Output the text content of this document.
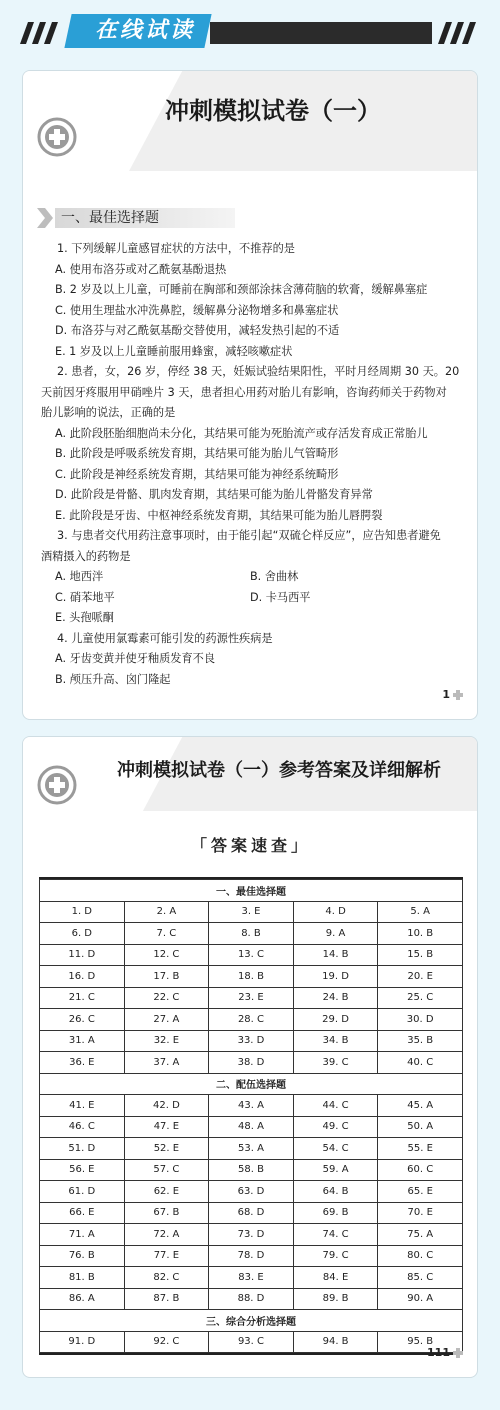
在线试读
冲刺模拟试卷（一）
一、最佳选择题
1. 下列缓解儿童感冒症状的方法中，不推荐的是
A. 使用布洛芬或对乙酰氨基酚退热
B. 2 岁及以上儿童，可睡前在胸部和颈部涂抹含薄荷脑的软膏，缓解鼻塞症
C. 使用生理盐水冲洗鼻腔，缓解鼻分泌物增多和鼻塞症状
D. 布洛芬与对乙酰氨基酚交替使用，减轻发热引起的不适
E. 1 岁及以上儿童睡前服用蜂蜜，减轻咳嗽症状
2. 患者，女，26 岁，停经 38 天，妊娠试验结果阳性，平时月经周期 30 天。20
天前因牙疼服用甲硝唑片 3 天，患者担心用药对胎儿有影响，咨询药师关于药物对
胎儿影响的说法，正确的是
A. 此阶段胚胎细胞尚未分化，其结果可能为死胎流产或存活发育成正常胎儿
B. 此阶段是呼吸系统发育期，其结果可能为胎儿气管畸形
C. 此阶段是神经系统发育期，其结果可能为神经系统畸形
D. 此阶段是骨骼、肌肉发育期，其结果可能为胎儿骨骼发育异常
E. 此阶段是牙齿、中枢神经系统发育期，其结果可能为胎儿唇腭裂
3. 与患者交代用药注意事项时，由于能引起“双硫仑样反应”，应告知患者避免
酒精摄入的药物是
A. 地西泮	B. 舍曲林
C. 硝苯地平	D. 卡马西平
E. 头孢哌酮
4. 儿童使用氯霉素可能引发的药源性疾病是
A. 牙齿变黄并使牙釉质发育不良
B. 颅压升高、囟门隆起
1
冲刺模拟试卷（一）参考答案及详细解析
「答案速查」
一、最佳选择题				
1. D	2. A	3. E	4. D	5. A
6. D	7. C	8. B	9. A	10. B
11. D	12. C	13. C	14. B	15. B
16. D	17. B	18. B	19. D	20. E
21. C	22. C	23. E	24. B	25. C
26. C	27. A	28. C	29. D	30. D
31. A	32. E	33. D	34. B	35. B
36. E	37. A	38. D	39. C	40. C
二、配伍选择题				
41. E	42. D	43. A	44. C	45. A
46. C	47. E	48. A	49. C	50. A
51. D	52. E	53. A	54. C	55. E
56. E	57. C	58. B	59. A	60. C
61. D	62. E	63. D	64. B	65. E
66. E	67. B	68. D	69. B	70. E
71. A	72. A	73. D	74. C	75. A
76. B	77. E	78. D	79. C	80. C
81. B	82. C	83. E	84. E	85. C
86. A	87. B	88. D	89. B	90. A
三、综合分析选择题				
91. D	92. C	93. C	94. B	95. B
111
